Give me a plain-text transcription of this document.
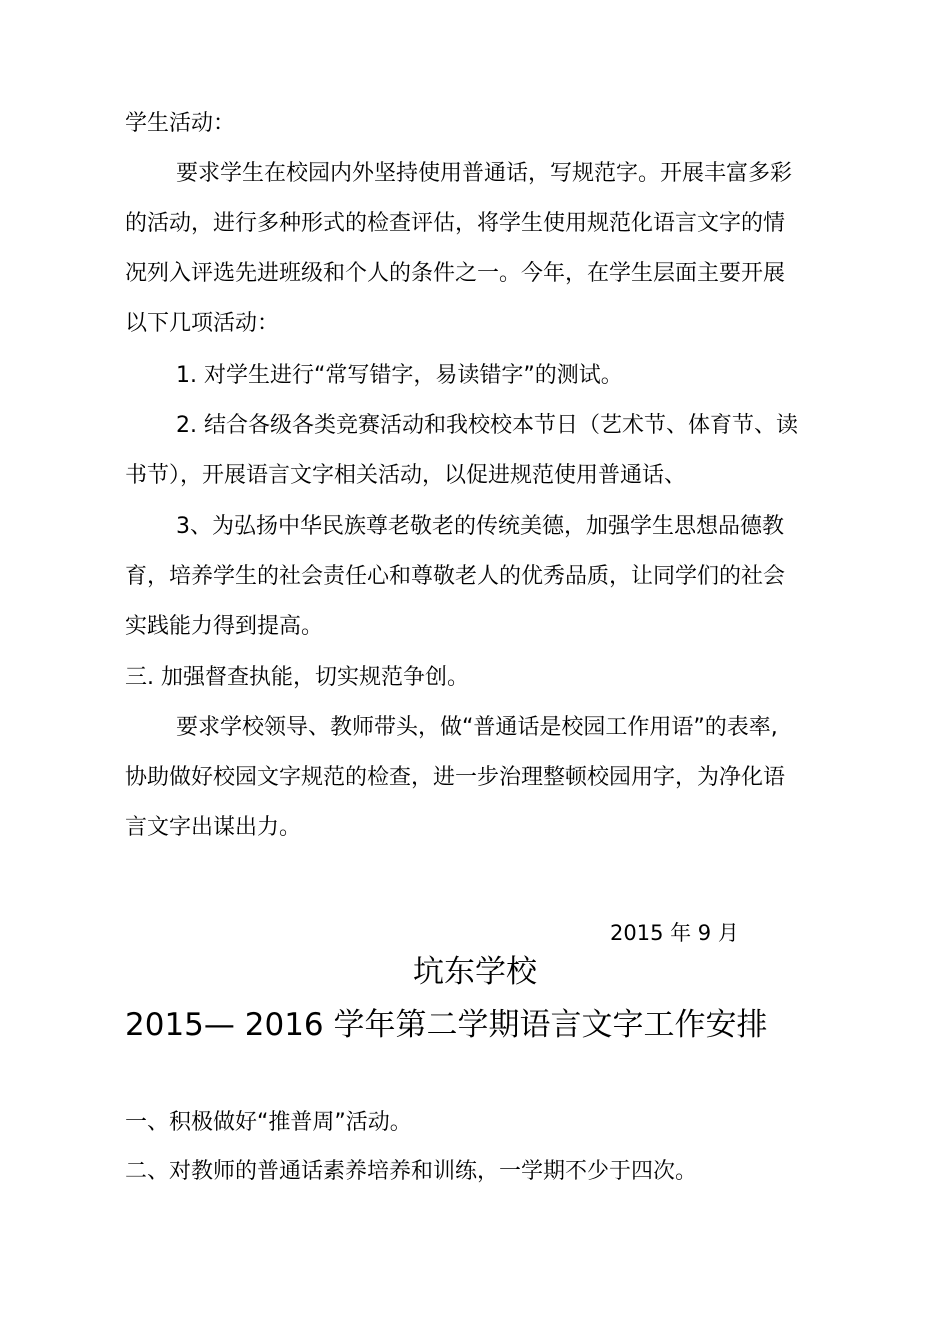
学生活动：
要求学生在校园内外坚持使用普通话，写规范字。开展丰富多彩
的活动，进行多种形式的检查评估，将学生使用规范化语言文字的情
况列入评选先进班级和个人的条件之一。今年，在学生层面主要开展
以下几项活动：
1. 对学生进行“常写错字，易读错字”的测试。
2. 结合各级各类竞赛活动和我校校本节日（艺术节、体育节、读
书节），开展语言文字相关活动，以促进规范使用普通话、
3、为弘扬中华民族尊老敬老的传统美德，加强学生思想品德教
育，培养学生的社会责任心和尊敬老人的优秀品质，让同学们的社会
实践能力得到提高。
三. 加强督查执能，切实规范争创。
要求学校领导、教师带头，做“普通话是校园工作用语”的表率,
协助做好校园文字规范的检查，进一步治理整顿校园用字，为净化语
言文字出谋出力。
2015 年 9 月
坑东学校
2015— 2016 学年第二学期语言文字工作安排
一、积极做好“推普周”活动。
二、对教师的普通话素养培养和训练，一学期不少于四次。
